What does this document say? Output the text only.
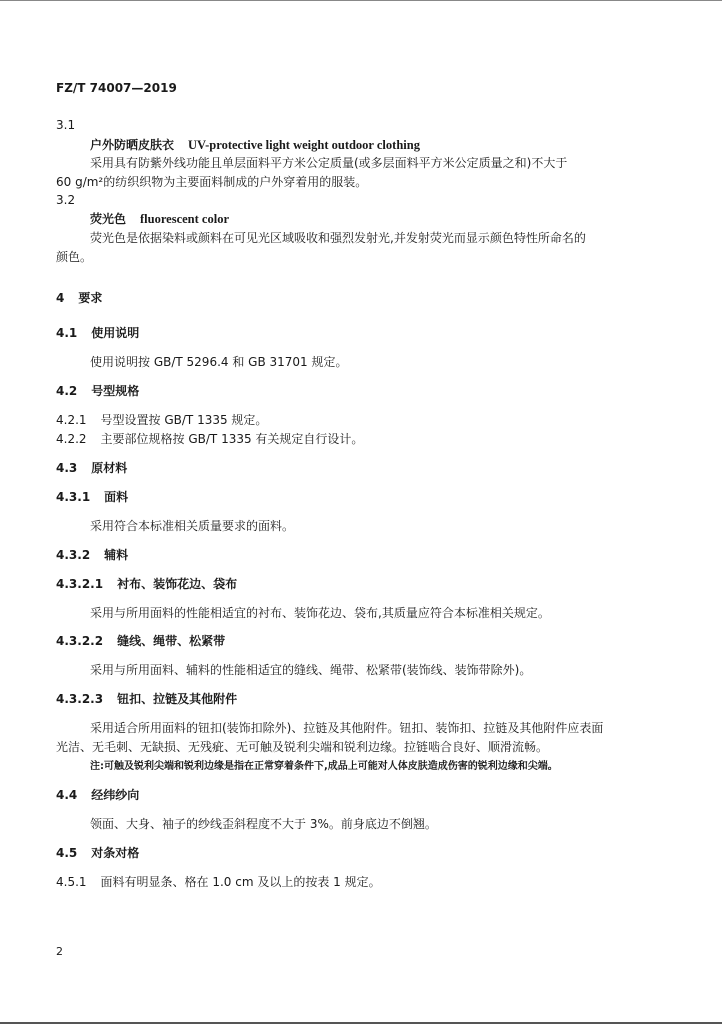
FZ/T 74007—2019
3.1
户外防晒皮肤衣 UV-protective light weight outdoor clothing
采用具有防紫外线功能且单层面料平方米公定质量(或多层面料平方米公定质量之和)不大于
60 g/m²的纺织织物为主要面料制成的户外穿着用的服装。
3.2
荧光色 fluorescent color
荧光色是依据染料或颜料在可见光区域吸收和强烈发射光,并发射荧光而显示颜色特性所命名的
颜色。
4 要求
4.1 使用说明
使用说明按 GB/T 5296.4 和 GB 31701 规定。
4.2 号型规格
4.2.1 号型设置按 GB/T 1335 规定。
4.2.2 主要部位规格按 GB/T 1335 有关规定自行设计。
4.3 原材料
4.3.1 面料
采用符合本标准相关质量要求的面料。
4.3.2 辅料
4.3.2.1 衬布、装饰花边、袋布
采用与所用面料的性能相适宜的衬布、装饰花边、袋布,其质量应符合本标准相关规定。
4.3.2.2 缝线、绳带、松紧带
采用与所用面料、辅料的性能相适宜的缝线、绳带、松紧带(装饰线、装饰带除外)。
4.3.2.3 钮扣、拉链及其他附件
采用适合所用面料的钮扣(装饰扣除外)、拉链及其他附件。钮扣、装饰扣、拉链及其他附件应表面
光洁、无毛刺、无缺损、无残疵、无可触及锐利尖端和锐利边缘。拉链啮合良好、顺滑流畅。
注:可触及锐利尖端和锐利边缘是指在正常穿着条件下,成品上可能对人体皮肤造成伤害的锐利边缘和尖端。
4.4 经纬纱向
领面、大身、袖子的纱线歪斜程度不大于 3%。前身底边不倒翘。
4.5 对条对格
4.5.1 面料有明显条、格在 1.0 cm 及以上的按表 1 规定。
2
